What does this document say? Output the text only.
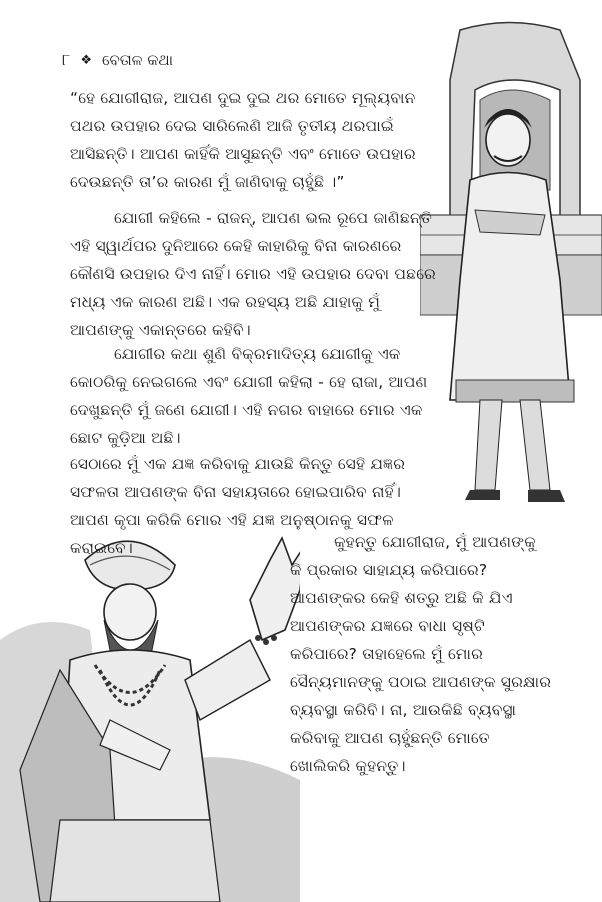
୮ ❖ ବେତାଳ କଥା

“ହେ ଯୋଗୀରାଜ, ଆପଣ ଦୁଇ ଦୁଇ ଥର ମୋତେ ମୂଲ୍ୟବାନ ପଥର ଉପହାର ଦେଇ ସାରିଲେଣି ଆଜି ତୃତୀୟ ଥରପାଇଁ ଆସିଛନ୍ତି। ଆପଣ କାହିଁକି ଆସୁଛନ୍ତି ଏବଂ ମୋତେ ଉପହାର ଦେଉଛନ୍ତି ତା’ର କାରଣ ମୁଁ ଜାଣିବାକୁ ଚାହୁଁଛି ।”

ଯୋଗୀ କହିଲେ - ରାଜନ୍, ଆପଣ ଭଲ ରୂପେ ଜାଣିଛନ୍ତି ଏହି ସ୍ୱାର୍ଥପର ଦୁନିଆରେ କେହି କାହାରିକୁ ବିନା କାରଣରେ କୌଣସି ଉପହାର ଦିଏ ନାହିଁ। ମୋର ଏହି ଉପହାର ଦେବା ପଛରେ ମଧ୍ୟ ଏକ କାରଣ ଅଛି। ଏକ ରହସ୍ୟ ଅଛି ଯାହାକୁ ମୁଁ ଆପଣଙ୍କୁ ଏକାନ୍ତରେ କହିବି।

ଯୋଗୀର କଥା ଶୁଣି ବିକ୍ରମାଦିତ୍ୟ ଯୋଗୀକୁ ଏକ କୋଠରିକୁ ନେଇଗଲେ ଏବଂ ଯୋଗୀ କହିଲା - ହେ ରାଜା, ଆପଣ ଦେଖୁଛନ୍ତି ମୁଁ ଜଣେ ଯୋଗୀ। ଏହି ନଗର ବାହାରେ ମୋର ଏକ ଛୋଟ କୁଡ଼ିଆ ଅଛି।

ସେଠାରେ ମୁଁ ଏକ ଯଜ୍ଞ କରିବାକୁ ଯାଉଛି କିନ୍ତୁ ସେହି ଯଜ୍ଞର ସଫଳତା ଆପଣଙ୍କ ବିନା ସହାୟତାରେ ହୋଇପାରିବ ନାହିଁ। ଆପଣ କୃପା କରିକି ମୋର ଏହି ଯଜ୍ଞ ଅନୁଷ୍ଠାନକୁ ସଫଳ କରାଇବେ।	କୁହନ୍ତୁ ଯୋଗୀରାଜ, ମୁଁ ଆପଣଙ୍କୁ କି ପ୍ରକାର ସାହାଯ୍ୟ କରିପାରେ? ଆପଣଙ୍କର କେହି ଶତ୍ରୁ ଅଛି କି ଯିଏ ଆପଣଙ୍କର ଯଜ୍ଞରେ ବାଧା ସୃଷ୍ଟି କରିପାରେ? ତାହାହେଲେ ମୁଁ ମୋର ସୈନ୍ୟମାନଙ୍କୁ ପଠାଇ ଆପଣଙ୍କ ସୁରକ୍ଷାର ବ୍ୟବସ୍ଥା କରିବି। ନା, ଆଉକିଛି ବ୍ୟବସ୍ଥା କରିବାକୁ ଆପଣ ଚାହୁଁଛନ୍ତି ମୋତେ ଖୋଲିକରି କୁହନ୍ତୁ।
